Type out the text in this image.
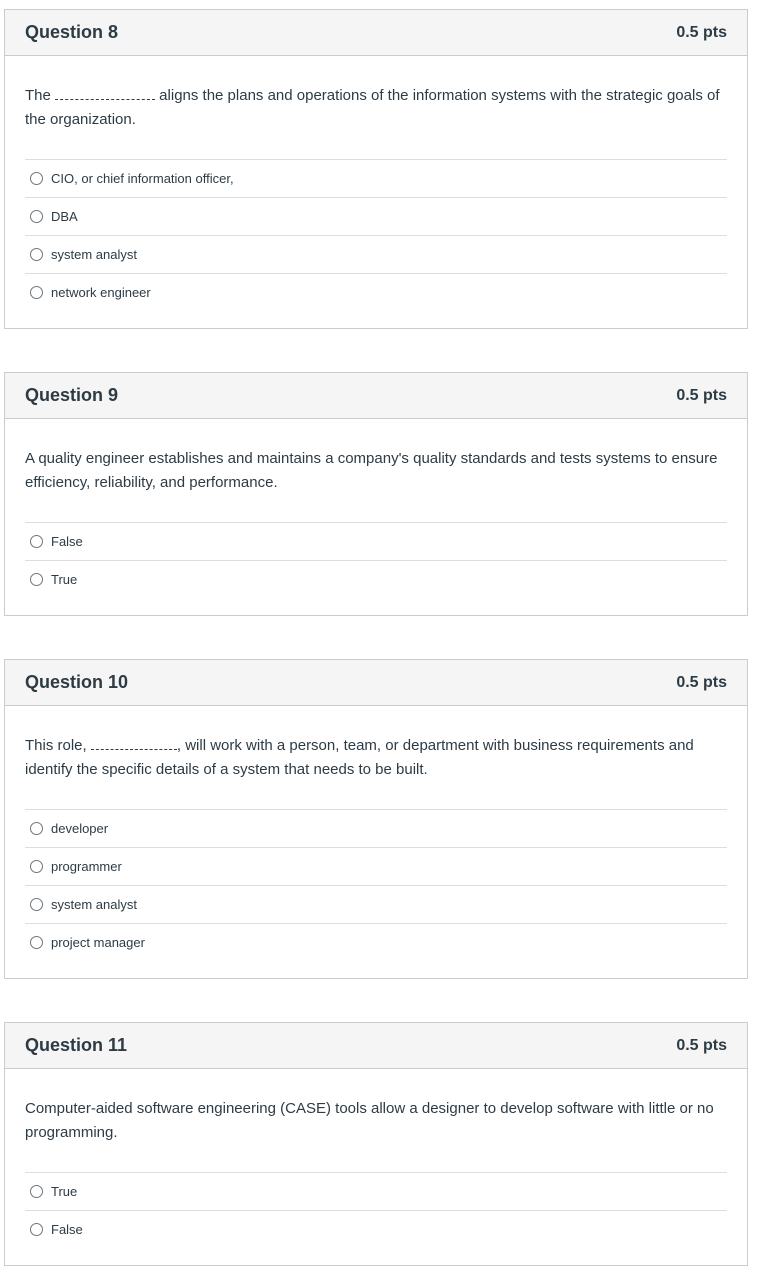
Question 8	0.5 pts

The	aligns the plans and operations of the information systems with the strategic goals of the organization.

CIO, or chief information officer,
DBA
system analyst
network engineer
Question 9	0.5 pts

A quality engineer establishes and maintains a company's quality standards and tests systems to ensure efficiency, reliability, and performance.

False
True
Question 10	0.5 pts

This role,	, will work with a person, team, or department with business requirements and identify the specific details of a system that needs to be built.

developer
programmer
system analyst
project manager
Question 11	0.5 pts

Computer-aided software engineering (CASE) tools allow a designer to develop software with little or no programming.

True
False
